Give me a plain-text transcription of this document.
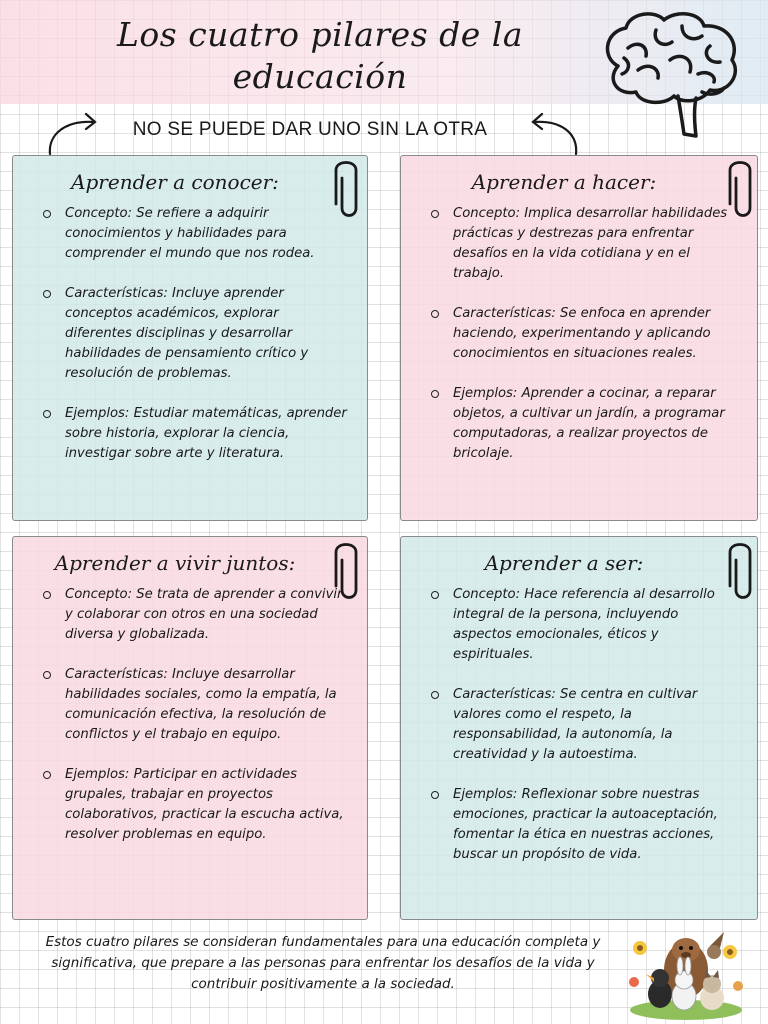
Los cuatro pilares de la educación
NO SE PUEDE DAR UNO SIN LA OTRA
Aprender a conocer:
Concepto: Se refiere a adquirir conocimientos y habilidades para comprender el mundo que nos rodea.
Características: Incluye aprender conceptos académicos, explorar diferentes disciplinas y desarrollar habilidades de pensamiento crítico y resolución de problemas.
Ejemplos: Estudiar matemáticas, aprender sobre historia, explorar la ciencia, investigar sobre arte y literatura.
Aprender a hacer:
Concepto: Implica desarrollar habilidades prácticas y destrezas para enfrentar desafíos en la vida cotidiana y en el trabajo.
Características: Se enfoca en aprender haciendo, experimentando y aplicando conocimientos en situaciones reales.
Ejemplos: Aprender a cocinar, a reparar objetos, a cultivar un jardín, a programar computadoras, a realizar proyectos de bricolaje.
Aprender a vivir juntos:
Concepto: Se trata de aprender a convivir y colaborar con otros en una sociedad diversa y globalizada.
Características: Incluye desarrollar habilidades sociales, como la empatía, la comunicación efectiva, la resolución de conflictos y el trabajo en equipo.
Ejemplos: Participar en actividades grupales, trabajar en proyectos colaborativos, practicar la escucha activa, resolver problemas en equipo.
Aprender a ser:
Concepto: Hace referencia al desarrollo integral de la persona, incluyendo aspectos emocionales, éticos y espirituales.
Características: Se centra en cultivar valores como el respeto, la responsabilidad, la autonomía, la creatividad y la autoestima.
Ejemplos: Reflexionar sobre nuestras emociones, practicar la autoaceptación, fomentar la ética en nuestras acciones, buscar un propósito de vida.
Estos cuatro pilares se consideran fundamentales para una educación completa y significativa, que prepare a las personas para enfrentar los desafíos de la vida y contribuir positivamente a la sociedad.
